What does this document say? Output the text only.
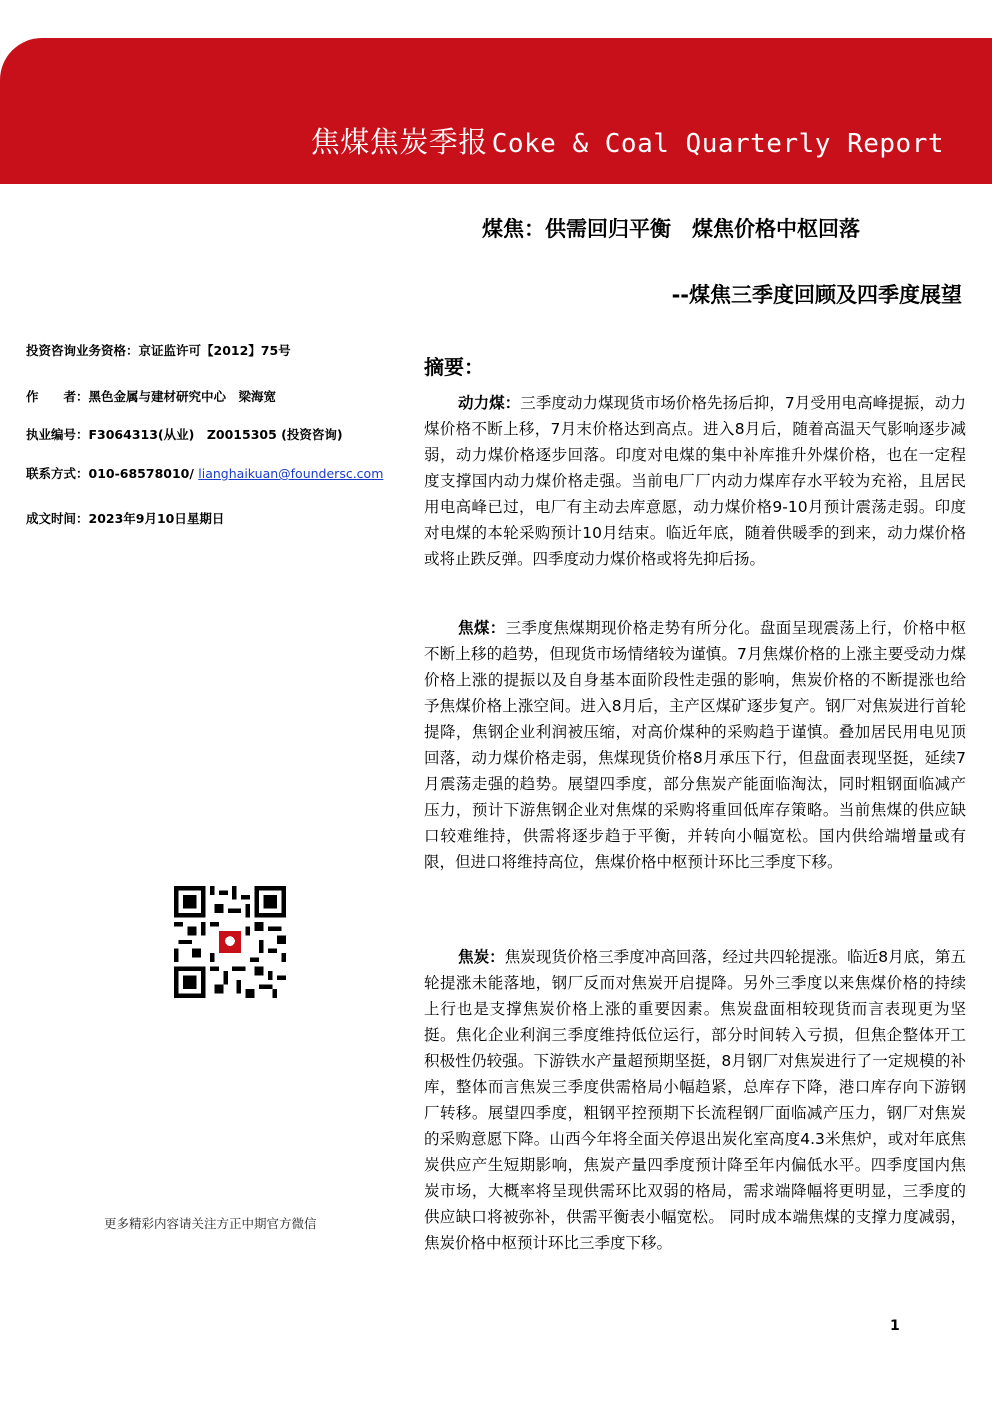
焦煤焦炭季报 Coke & Coal Quarterly Report
煤焦：供需回归平衡　煤焦价格中枢回落
--煤焦三季度回顾及四季度展望
投资咨询业务资格：京证监许可【2012】75号
作　　者：黑色金属与建材研究中心　梁海宽
执业编号：F3064313(从业)　Z0015305 (投资咨询)
联系方式：010-68578010/ lianghaikuan@foundersc.com
成文时间：2023年9月10日星期日
更多精彩内容请关注方正中期官方微信
摘要：

动力煤：三季度动力煤现货市场价格先扬后抑，7月受用电高峰提振，动力煤价格不断上移，7月末价格达到高点。进入8月后，随着高温天气影响逐步减弱，动力煤价格逐步回落。印度对电煤的集中补库推升外煤价格，也在一定程度支撑国内动力煤价格走强。当前电厂厂内动力煤库存水平较为充裕，且居民用电高峰已过，电厂有主动去库意愿，动力煤价格9-10月预计震荡走弱。印度对电煤的本轮采购预计10月结束。临近年底，随着供暖季的到来，动力煤价格或将止跌反弹。四季度动力煤价格或将先抑后扬。

焦煤：三季度焦煤期现价格走势有所分化。盘面呈现震荡上行，价格中枢不断上移的趋势，但现货市场情绪较为谨慎。7月焦煤价格的上涨主要受动力煤价格上涨的提振以及自身基本面阶段性走强的影响，焦炭价格的不断提涨也给予焦煤价格上涨空间。进入8月后，主产区煤矿逐步复产。钢厂对焦炭进行首轮提降，焦钢企业利润被压缩，对高价煤种的采购趋于谨慎。叠加居民用电见顶回落，动力煤价格走弱，焦煤现货价格8月承压下行，但盘面表现坚挺，延续7月震荡走强的趋势。展望四季度，部分焦炭产能面临淘汰，同时粗钢面临减产压力，预计下游焦钢企业对焦煤的采购将重回低库存策略。当前焦煤的供应缺口较难维持，供需将逐步趋于平衡，并转向小幅宽松。国内供给端增量或有限，但进口将维持高位，焦煤价格中枢预计环比三季度下移。

焦炭：焦炭现货价格三季度冲高回落，经过共四轮提涨。临近8月底，第五轮提涨未能落地，钢厂反而对焦炭开启提降。另外三季度以来焦煤价格的持续上行也是支撑焦炭价格上涨的重要因素。焦炭盘面相较现货而言表现更为坚挺。焦化企业利润三季度维持低位运行，部分时间转入亏损，但焦企整体开工积极性仍较强。下游铁水产量超预期坚挺，8月钢厂对焦炭进行了一定规模的补库，整体而言焦炭三季度供需格局小幅趋紧，总库存下降，港口库存向下游钢厂转移。展望四季度，粗钢平控预期下长流程钢厂面临减产压力，钢厂对焦炭的采购意愿下降。山西今年将全面关停退出炭化室高度4.3米焦炉，或对年底焦炭供应产生短期影响，焦炭产量四季度预计降至年内偏低水平。四季度国内焦炭市场，大概率将呈现供需环比双弱的格局，需求端降幅将更明显，三季度的供应缺口将被弥补，供需平衡表小幅宽松。 同时成本端焦煤的支撑力度减弱，焦炭价格中枢预计环比三季度下移。

1
